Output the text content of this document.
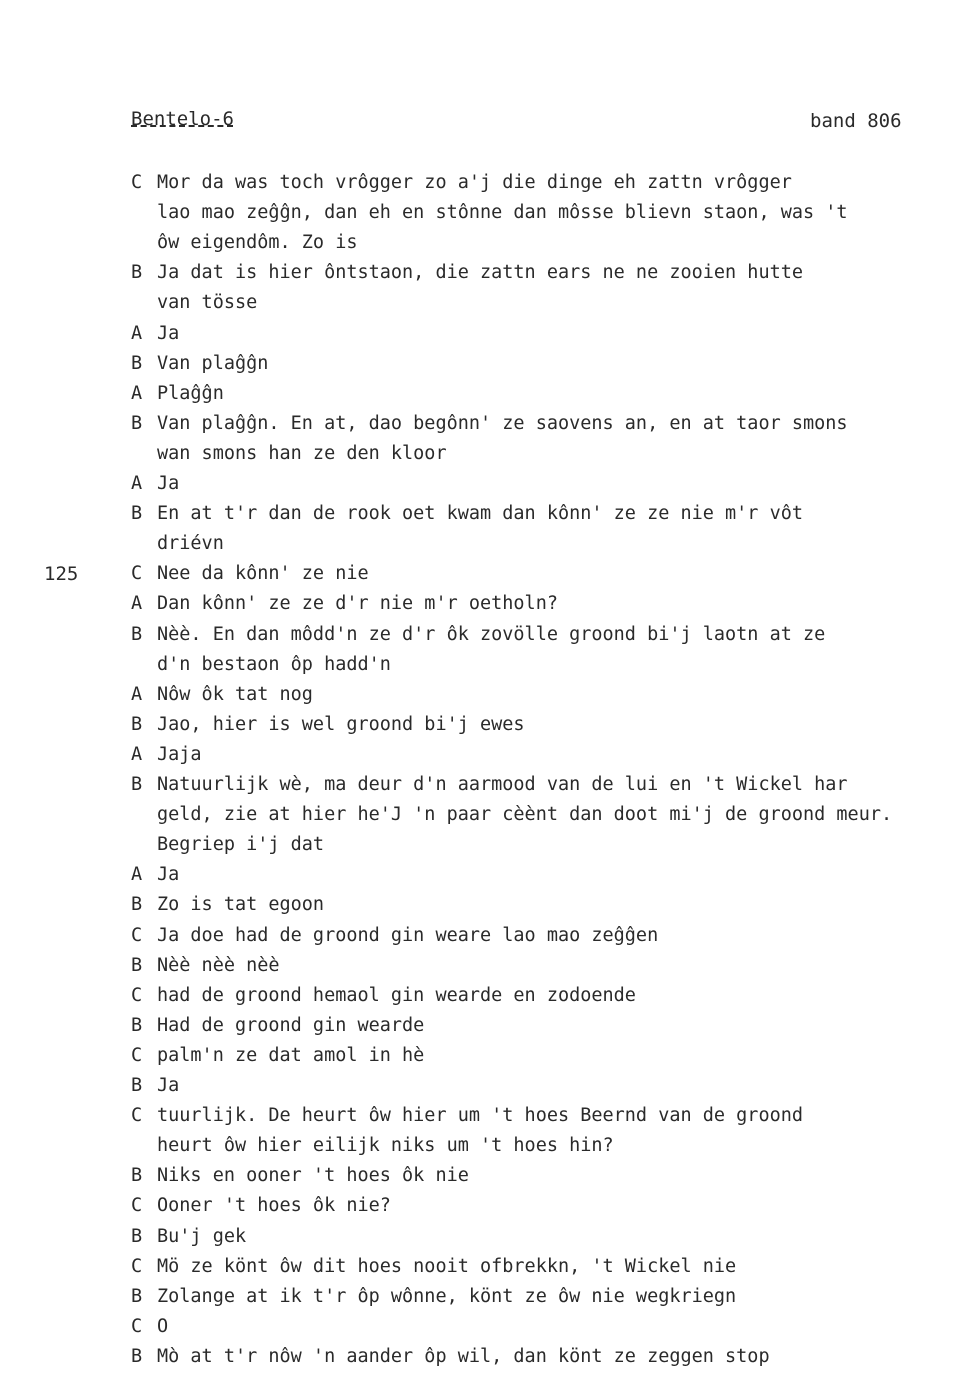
Bentelo-6	band 806
125
C Mor da was toch vrôgger zo a'j die dinge eh zattn vrôgger
lao mao zeĝĝn, dan eh en stônne dan môsse blievn staon, was 't
ôw eigendôm. Zo is
B Ja dat is hier ôntstaon, die zattn ears ne ne zooien hutte
van tösse
A Ja
B Van plaĝĝn
A Plaĝĝn
B Van plaĝĝn. En at, dao begônn' ze saovens an, en at taor smons
wan smons han ze den kloor
A Ja
B En at t'r dan de rook oet kwam dan kônn' ze ze nie m'r vôt
driévn
C Nee da kônn' ze nie
A Dan kônn' ze ze d'r nie m'r oetholn?
B Nèè. En dan môdd'n ze d'r ôk zovölle groond bi'j laotn at ze
d'n bestaon ôp hadd'n
A Nôw ôk tat nog
B Jao, hier is wel groond bi'j ewes
A Jaja
B Natuurlijk wè, ma deur d'n aarmood van de lui en 't Wickel har
geld, zie at hier he'J 'n paar cèènt dan doot mi'j de groond meur.
Begriep i'j dat
A Ja
B Zo is tat egoon
C Ja doe had de groond gin weare lao mao zeĝĝen
B Nèè nèè nèè
C had de groond hemaol gin wearde en zodoende
B Had de groond gin wearde
C palm'n ze dat amol in hè
B Ja
C tuurlijk. De heurt ôw hier um 't hoes Beernd van de groond
heurt ôw hier eilijk niks um 't hoes hin?
B Niks en ooner 't hoes ôk nie
C Ooner 't hoes ôk nie?
B Bu'j gek
C Mö ze könt ôw dit hoes nooit ofbrekkn, 't Wickel nie
B Zolange at ik t'r ôp wônne, könt ze ôw nie wegkriegn
C O
B Mò at t'r nôw 'n aander ôp wil, dan könt ze zeggen stop
